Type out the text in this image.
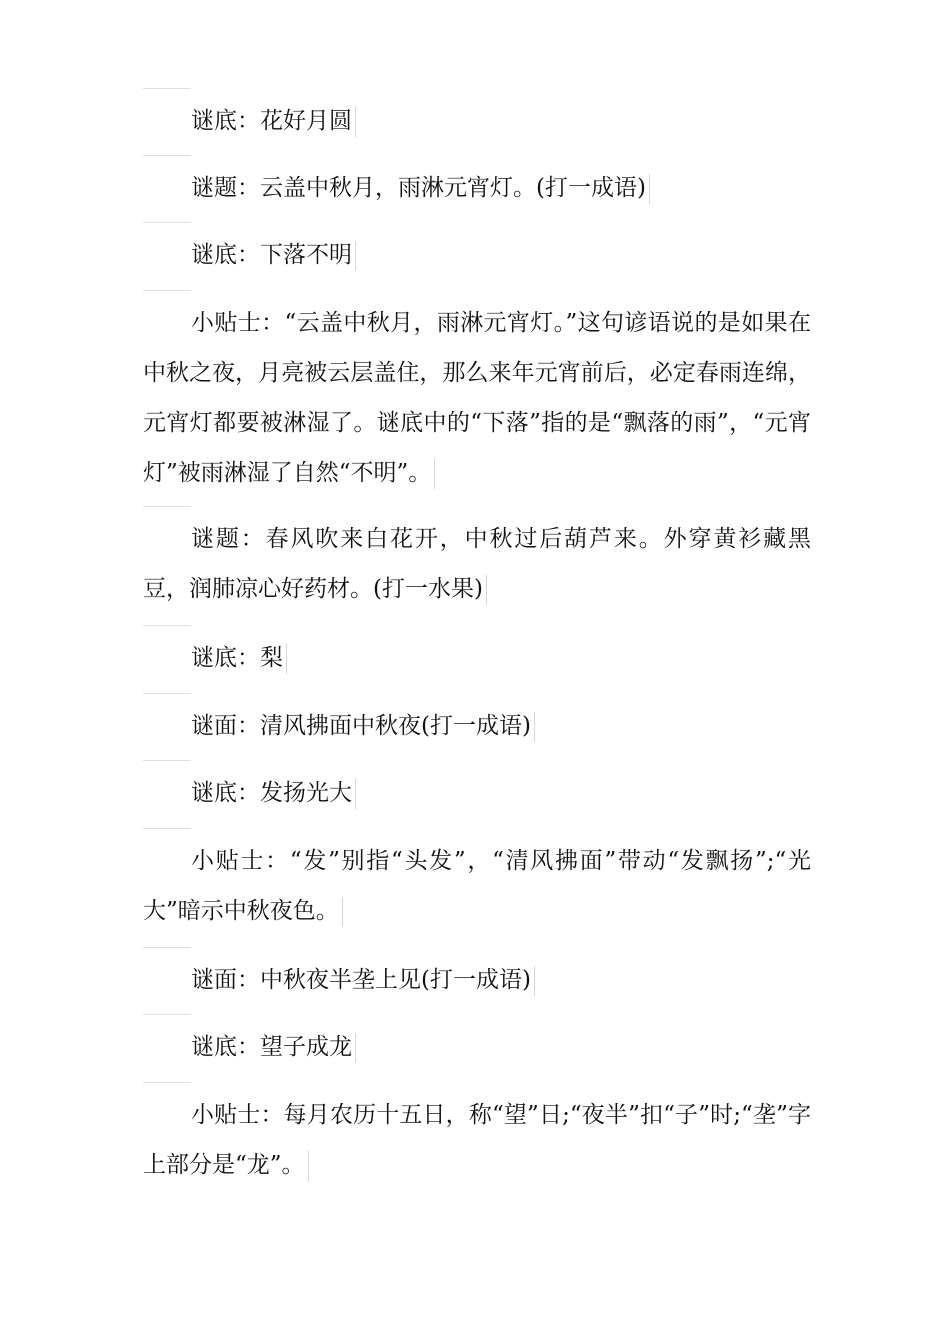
谜底：花好月圆

谜题：云盖中秋月，雨淋元宵灯。(打一成语)

谜底：下落不明

小贴士：“云盖中秋月，雨淋元宵灯。”这句谚语说的是如果在中秋之夜，月亮被云层盖住，那么来年元宵前后，必定春雨连绵，元宵灯都要被淋湿了。谜底中的“下落”指的是“飘落的雨”，“元宵灯”被雨淋湿了自然“不明”。

谜题：春风吹来白花开，中秋过后葫芦来。外穿黄衫藏黑豆，润肺凉心好药材。(打一水果)

谜底：梨

谜面：清风拂面中秋夜(打一成语)

谜底：发扬光大

小贴士：“发”别指“头发”，“清风拂面”带动“发飘扬”;“光大”暗示中秋夜色。

谜面：中秋夜半垄上见(打一成语)

谜底：望子成龙

小贴士：每月农历十五日，称“望”日;“夜半”扣“子”时;“垄”字上部分是“龙”。
